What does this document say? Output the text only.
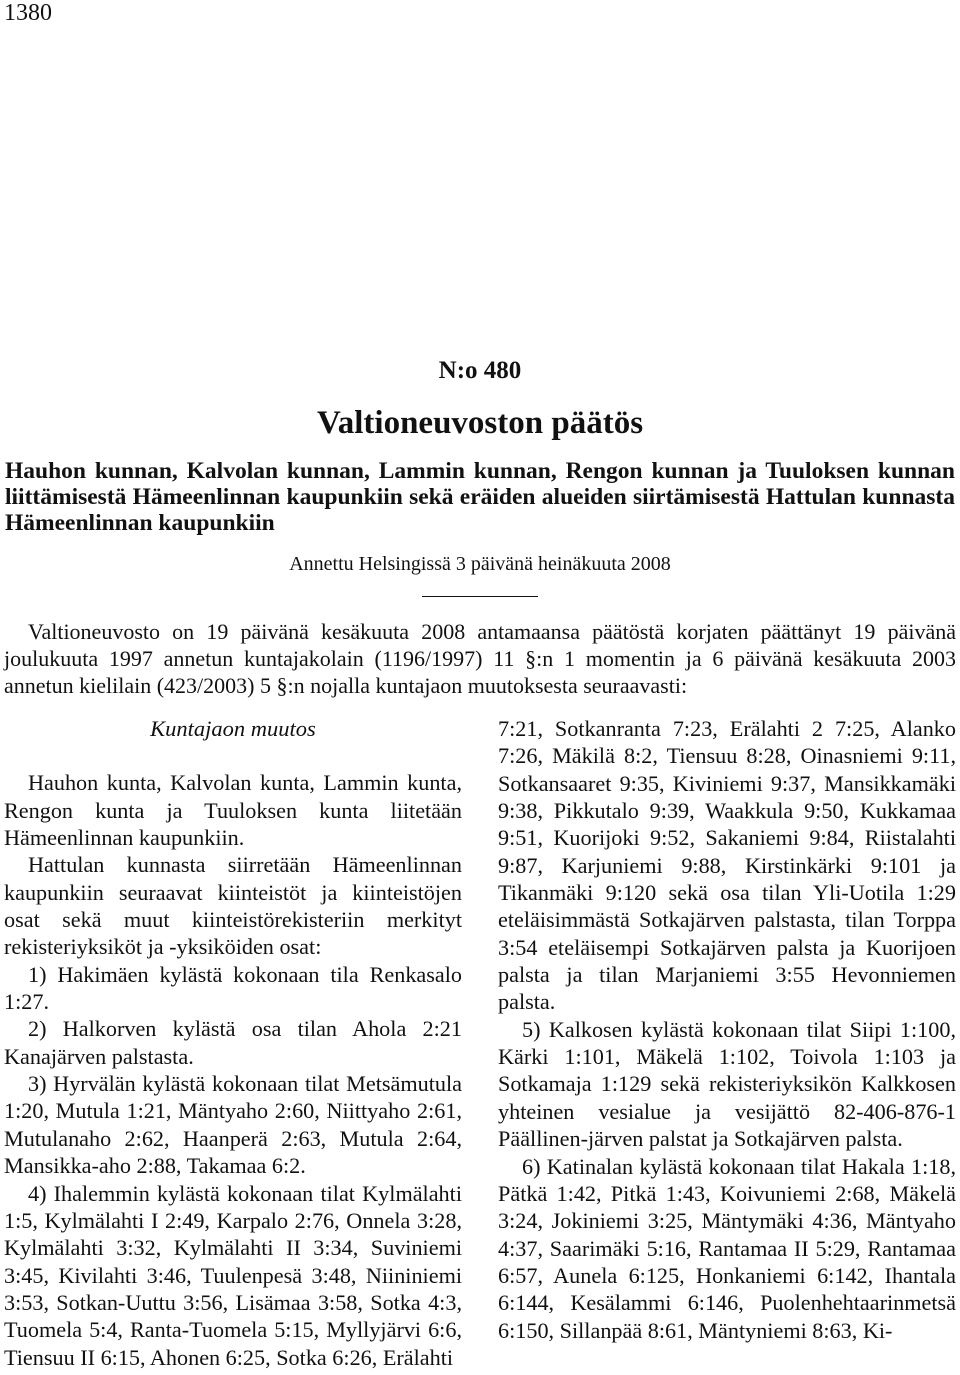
1380
N:o 480
Valtioneuvoston päätös
Hauhon kunnan, Kalvolan kunnan, Lammin kunnan, Rengon kunnan ja Tuuloksen kunnan liittämisestä Hämeenlinnan kaupunkiin sekä eräiden alueiden siirtämisestä Hattulan kunnasta Hämeenlinnan kaupunkiin
Annettu Helsingissä 3 päivänä heinäkuuta 2008

Valtioneuvosto on 19 päivänä kesäkuuta 2008 antamaansa päätöstä korjaten päättänyt 19 päivänä joulukuuta 1997 annetun kuntajakolain (1196/1997) 11 §:n 1 momentin ja 6 päivänä kesäkuuta 2003 annetun kielilain (423/2003) 5 §:n nojalla kuntajaon muutoksesta seuraavasti:

Kuntajaon muutos

Hauhon kunta, Kalvolan kunta, Lammin kunta, Rengon kunta ja Tuuloksen kunta liitetään Hämeenlinnan kaupunkiin.

Hattulan kunnasta siirretään Hämeenlinnan kaupunkiin seuraavat kiinteistöt ja kiinteistöjen osat sekä muut kiinteistörekisteriin merkityt rekisteriyksiköt ja -yksiköiden osat:

1) Hakimäen kylästä kokonaan tila Renkasalo 1:27.

2) Halkorven kylästä osa tilan Ahola 2:21 Kanajärven palstasta.

3) Hyrvälän kylästä kokonaan tilat Metsämutula 1:20, Mutula 1:21, Mäntyaho 2:60, Niittyaho 2:61, Mutulanaho 2:62, Haanperä 2:63, Mutula 2:64, Mansikka-aho 2:88, Takamaa 6:2.

4) Ihalemmin kylästä kokonaan tilat Kylmälahti 1:5, Kylmälahti I 2:49, Karpalo 2:76, Onnela 3:28, Kylmälahti 3:32, Kylmälahti II 3:34, Suviniemi 3:45, Kivilahti 3:46, Tuulenpesä 3:48, Niininiemi 3:53, Sotkan-Uuttu 3:56, Lisämaa 3:58, Sotka 4:3, Tuomela 5:4, Ranta-Tuomela 5:15, Myllyjärvi 6:6, Tiensuu II 6:15, Ahonen 6:25, Sotka 6:26, Erälahti

7:21, Sotkanranta 7:23, Erälahti 2 7:25, Alanko 7:26, Mäkilä 8:2, Tiensuu 8:28, Oinasniemi 9:11, Sotkansaaret 9:35, Kiviniemi 9:37, Mansikkamäki 9:38, Pikkutalo 9:39, Waakkula 9:50, Kukkamaa 9:51, Kuorijoki 9:52, Sakaniemi 9:84, Riistalahti 9:87, Karjuniemi 9:88, Kirstinkärki 9:101 ja Tikanmäki 9:120 sekä osa tilan Yli-Uotila 1:29 eteläisimmästä Sotkajärven palstasta, tilan Torppa 3:54 eteläisempi Sotkajärven palsta ja Kuorijoen palsta ja tilan Marjaniemi 3:55 Hevonniemen palsta.

5) Kalkosen kylästä kokonaan tilat Siipi 1:100, Kärki 1:101, Mäkelä 1:102, Toivola 1:103 ja Sotkamaja 1:129 sekä rekisteriyksikön Kalkkosen yhteinen vesialue ja vesijättö 82-406-876-1 Päällinen-järven palstat ja Sotkajärven palsta.

6) Katinalan kylästä kokonaan tilat Hakala 1:18, Pätkä 1:42, Pitkä 1:43, Koivuniemi 2:68, Mäkelä 3:24, Jokiniemi 3:25, Mäntymäki 4:36, Mäntyaho 4:37, Saarimäki 5:16, Rantamaa II 5:29, Rantamaa 6:57, Aunela 6:125, Honkaniemi 6:142, Ihantala 6:144, Kesälammi 6:146, Puolenhehtaarinmetsä 6:150, Sillanpää 8:61, Mäntyniemi 8:63, Ki-
